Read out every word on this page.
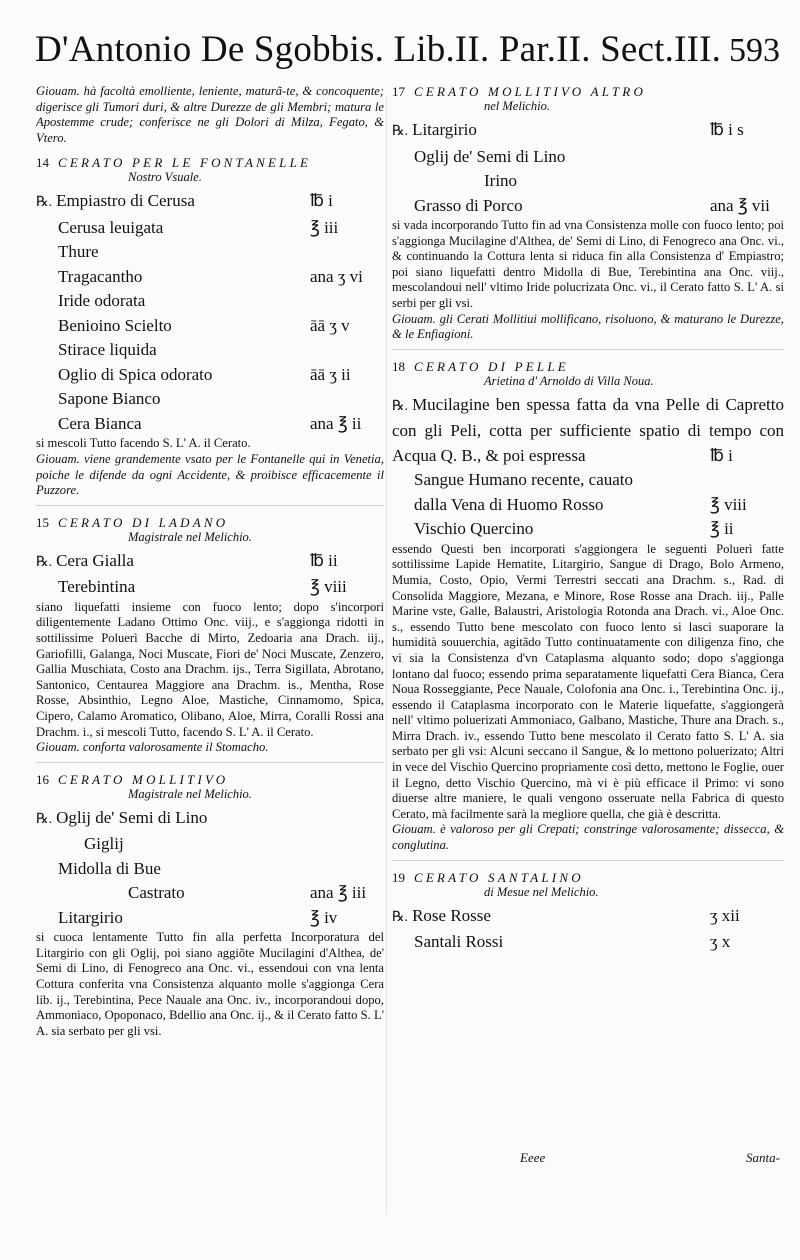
D'Antonio De Sgobbis. Lib.II. Par.II. Sect.III. 593

Giouam. hà facoltà emolliente, leniente, maturã-te, & concoquente; digerisce gli Tumori duri, & altre Durezze de gli Membri; matura le Apostemme crude; conferisce ne gli Dolori di Milza, Fegato, & Vtero.

14 CERATO PER LE FONTANELLE
Nostro Vsuale.
℞. Empiastro di Cerusa	℔ i
Cerusa leuigata	℥ iii
Thure
Tragacantho	ana ʒ vi
Iride odorata
Benioino Scielto	āā ʒ v
Stirace liquida
Oglio di Spica odorato	āā ʒ ii
Sapone Bianco
Cera Bianca	ana ℥ ii

si mescoli Tutto facendo S. L' A. il Cerato.

Giouam. viene grandemente vsato per le Fontanelle qui in Venetia, poiche le difende da ogni Accidente, & proibisce efficacemente il Puzzore.

15 CERATO DI LADANO
Magistrale nel Melichio.
℞. Cera Gialla	℔ ii
Terebintina	℥ viii

siano liquefatti insieme con fuoco lento; dopo s'incorpori diligentemente Ladano Ottimo Onc. viij., e s'aggionga ridotti in sottilissime Poluerì Bacche di Mirto, Zedoaria ana Drach. iij., Gariofilli, Galanga, Noci Muscate, Fiori de' Noci Muscate, Zenzero, Gallia Muschiata, Costo ana Drachm. ijs., Terra Sigillata, Abrotano, Santonico, Centaurea Maggiore ana Drachm. is., Mentha, Rose Rosse, Absinthio, Legno Aloe, Mastiche, Cinnamomo, Spica, Cipero, Calamo Aromatico, Olibano, Aloe, Mirra, Coralli Rossi ana Drachm. i., si mescoli Tutto, facendo S. L' A. il Cerato.

Giouam. conforta valorosamente il Stomacho.

16 CERATO MOLLITIVO
Magistrale nel Melichio.
℞. Oglij de' Semi di Lino
Giglij
Midolla di Bue
Castrato	ana ℥ iii
Litargirio	℥ iv

si cuoca lentamente Tutto fin alla perfetta Incorporatura del Litargirio con gli Oglij, poi siano aggiõte Mucilagini d'Althea, de' Semi di Lino, di Fenogreco ana Onc. vi., essendoui con vna lenta Cottura conferita vna Consistenza alquanto molle s'aggionga Cera lib. ij., Terebintina, Pece Nauale ana Onc. iv., incorporandoui dopo, Ammoniaco, Opoponaco, Bdellio ana Onc. ij., & il Cerato fatto S. L' A. sia serbato per gli vsi.

17 CERATO MOLLITIVO ALTRO
nel Melichio.
℞. Litargirio	℔ i s
Oglij de' Semi di Lino
Irino
Grasso di Porco	ana ℥ vii

si vada incorporando Tutto fin ad vna Consistenza molle con fuoco lento; poi s'aggionga Mucilagine d'Althea, de' Semi di Lino, di Fenogreco ana Onc. vi., & continuando la Cottura lenta si riduca fin alla Consistenza d' Empiastro; poi siano liquefatti dentro Midolla di Bue, Terebintina ana Onc. viij., mescolandoui nell' vltimo Iride polucrizata Onc. vi., il Cerato fatto S. L' A. si serbi per gli vsi.

Giouam. gli Cerati Mollitiui mollificano, risoluono, & maturano le Durezze, & le Enfiagioni.

18 CERATO DI PELLE
Arietina d' Arnoldo di Villa Noua.
℞. Mucilagine ben spessa fatta da vna Pelle di Capretto con gli Peli, cotta per sufficiente spatio di tempo con Acqua Q. B., & poi espressa	℔ i
Sangue Humano recente, cauato
dalla Vena di Huomo Rosso	℥ viii
Vischio Quercino	℥ ii

essendo Questi ben incorporati s'aggiongera le seguenti Poluerì fatte sottilissime Lapide Hematite, Litargirio, Sangue di Drago, Bolo Armeno, Mumia, Costo, Opio, Vermi Terrestri seccati ana Drachm. s., Rad. di Consolida Maggiore, Mezana, e Minore, Rose Rosse ana Drach. iij., Palle Marine vste, Galle, Balaustri, Aristologia Rotonda ana Drach. vi., Aloe Onc. s., essendo Tutto bene mescolato con fuoco lento si lasci suaporare la humidità souuerchia, agitãdo Tutto continuatamente con diligenza fino, che vi sia la Consistenza d'vn Cataplasma alquanto sodo; dopo s'aggionga lontano dal fuoco; essendo prima separatamente liquefatti Cera Bianca, Cera Noua Rosseggiante, Pece Nauale, Colofonia ana Onc. i., Terebintina Onc. ij., essendo il Cataplasma incorporato con le Materie liquefatte, s'aggiongerà nell' vltimo poluerizati Ammoniaco, Galbano, Mastiche, Thure ana Drach. s., Mirra Drach. iv., essendo Tutto bene mescolato il Cerato fatto S. L' A. sia serbato per gli vsi: Alcuni seccano il Sangue, & lo mettono poluerizato; Altri in vece del Vischio Quercino propriamente così detto, mettono le Foglie, ouer il Legno, detto Vischio Quercino, mà vi è più efficace il Primo: vi sono diuerse altre maniere, le quali vengono osseruate nella Fabrica di questo Cerato, mà facilmente sarà la megliore quella, che già è descritta.

Giouam. è valoroso per gli Crepati; constringe valorosamente; dissecca, & conglutina.

19 CERATO SANTALINO
di Mesue nel Melichio.
℞. Rose Rosse	ʒ xii
Santali Rossi	ʒ x
Eeee	Santa-
